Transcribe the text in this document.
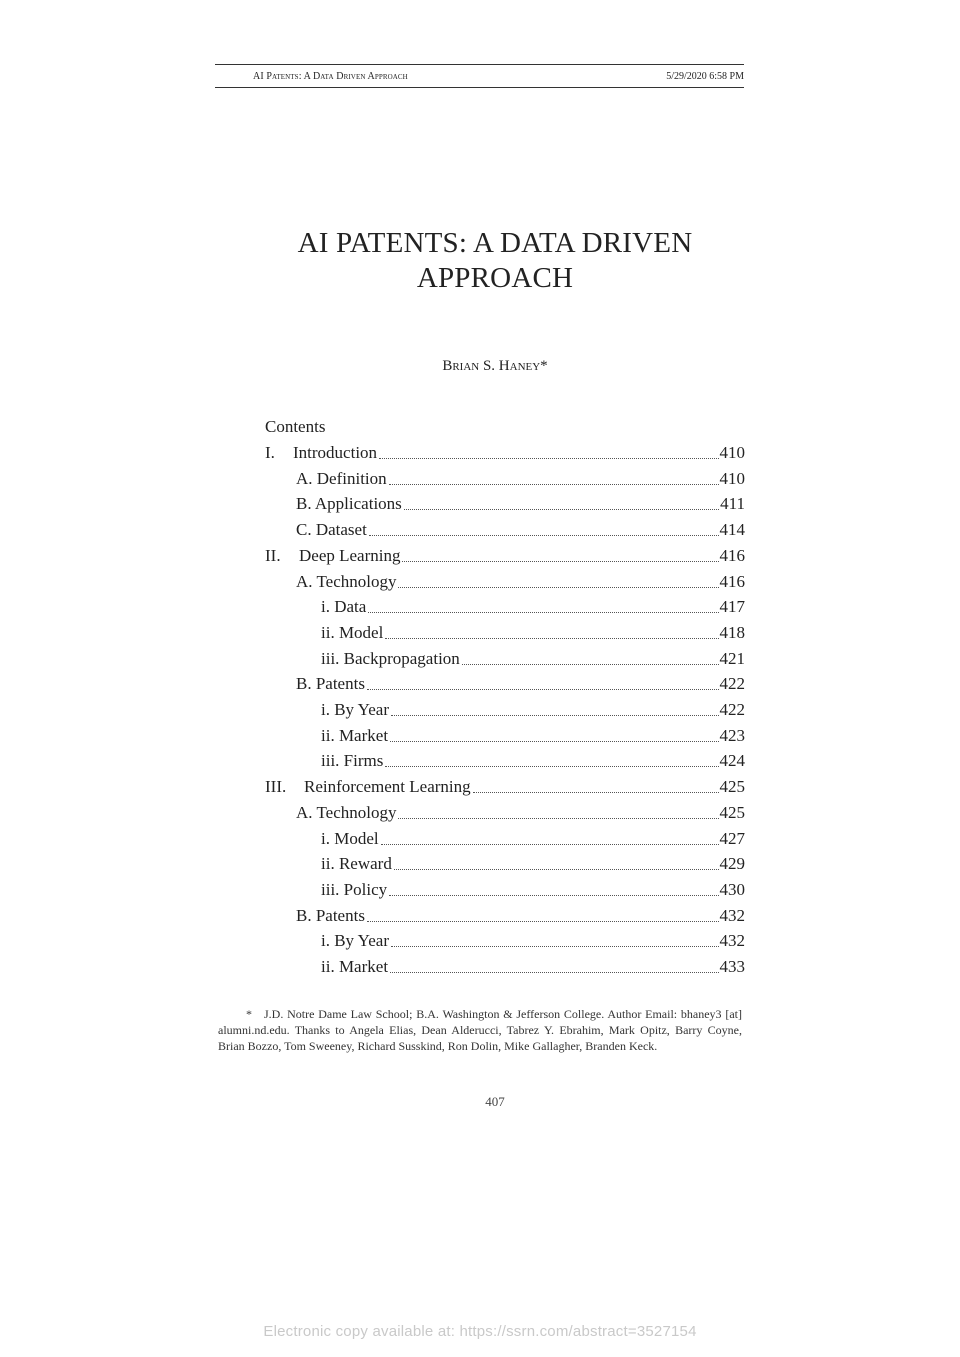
AI Patents: A Data Driven Approach	5/29/2020 6:58 PM
AI PATENTS: A DATA DRIVEN
APPROACH
Brian S. Haney*
Contents
I.	Introduction	410
A. Definition	410
B. Applications	411
C. Dataset	414
II.	Deep Learning	416
A. Technology	416
i. Data	417
ii. Model	418
iii. Backpropagation	421
B. Patents	422
i. By Year	422
ii. Market	423
iii. Firms	424
III.	Reinforcement Learning	425
A. Technology	425
i. Model	427
ii. Reward	429
iii. Policy	430
B. Patents	432
i. By Year	432
ii. Market	433
* J.D. Notre Dame Law School; B.A. Washington & Jefferson College. Author Email: bhaney3 [at] alumni.nd.edu. Thanks to Angela Elias, Dean Alderucci, Tabrez Y. Ebrahim, Mark Opitz, Barry Coyne, Brian Bozzo, Tom Sweeney, Richard Susskind, Ron Dolin, Mike Gallagher, Branden Keck.
407
Electronic copy available at: https://ssrn.com/abstract=3527154
